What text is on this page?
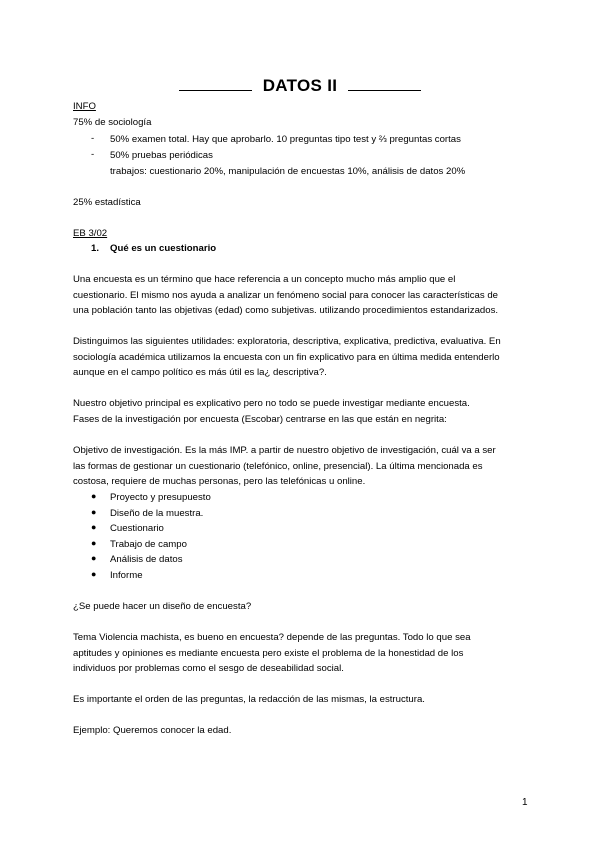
DATOS II
INFO
75% de sociología
- 50% examen total. Hay que aprobarlo. 10 preguntas tipo test y ⅔ preguntas cortas
- 50% pruebas periódicas
trabajos: cuestionario 20%, manipulación de encuestas 10%, análisis de datos 20%
25% estadística
EB 3/02
1. Qué es un cuestionario
Una encuesta es un término que hace referencia a un concepto mucho más amplio que el
cuestionario. El mismo nos ayuda a analizar un fenómeno social para conocer las características de
una población tanto las objetivas (edad) como subjetivas. utilizando procedimientos estandarizados.
Distinguimos las siguientes utilidades: exploratoria, descriptiva, explicativa, predictiva, evaluativa. En
sociología académica utilizamos la encuesta con un fin explicativo para en última medida entenderlo
aunque en el campo político es más útil es la¿ descriptiva?.
Nuestro objetivo principal es explicativo pero no todo se puede investigar mediante encuesta.
Fases de la investigación por encuesta (Escobar) centrarse en las que están en negrita:
Objetivo de investigación. Es la más IMP. a partir de nuestro objetivo de investigación, cuál va a ser
las formas de gestionar un cuestionario (telefónico, online, presencial). La última mencionada es
costosa, requiere de muchas personas, pero las telefónicas u online.
● Proyecto y presupuesto
● Diseño de la muestra.
● Cuestionario
● Trabajo de campo
● Análisis de datos
● Informe
¿Se puede hacer un diseño de encuesta?
Tema Violencia machista, es bueno en encuesta? depende de las preguntas. Todo lo que sea
aptitudes y opiniones es mediante encuesta pero existe el problema de la honestidad de los
individuos por problemas como el sesgo de deseabilidad social.
Es importante el orden de las preguntas, la redacción de las mismas, la estructura.
Ejemplo: Queremos conocer la edad.
1
